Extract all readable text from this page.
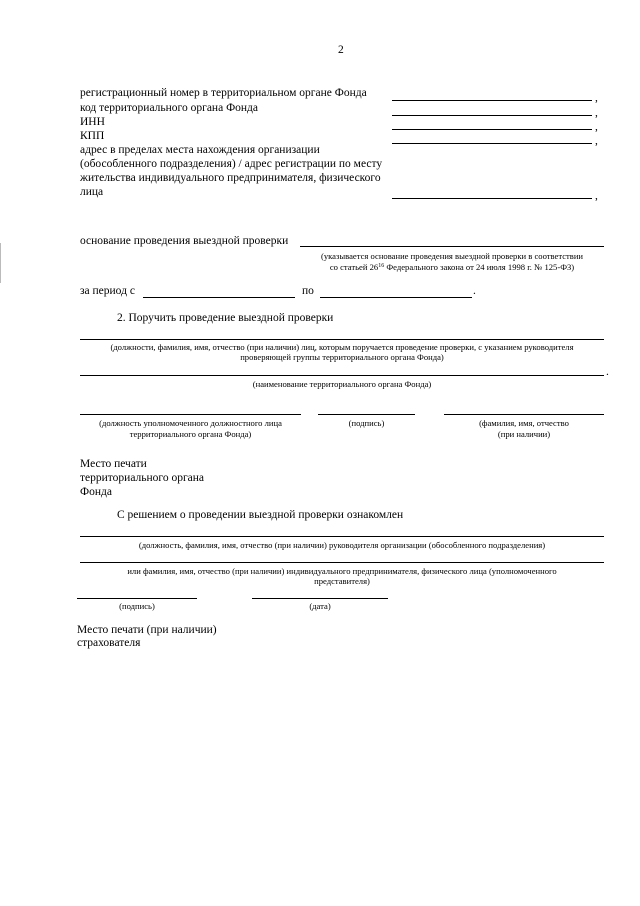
2
регистрационный номер в территориальном органе Фонда	,
код территориального органа Фонда	,
ИНН	,
КПП	,
адрес в пределах места нахождения организации
(обособленного подразделения) / адрес регистрации по месту
жительства индивидуального предпринимателя, физического
лица	,
основание проведения выездной проверки
(указывается основание проведения выездной проверки в соответствии
со статьей $26^{16}$ Федерального закона от 24 июля 1998 г. № 125-ФЗ)
за период с	по	.
2. Поручить проведение выездной проверки
(должности, фамилия, имя, отчество (при наличии) лиц, которым поручается проведение проверки, с указанием руководителя
проверяющей группы территориального органа Фонда)
.
(наименование территориального органа Фонда)
(должность уполномоченного должностного лица
территориального органа Фонда)
(подпись)	(фамилия, имя, отчество
(при наличии)
Место печати
территориального органа
Фонда
С решением о проведении выездной проверки ознакомлен
(должность, фамилия, имя, отчество (при наличии) руководителя организации (обособленного подразделения)
или фамилия, имя, отчество (при наличии) индивидуального предпринимателя, физического лица (уполномоченного
представителя)
(подпись)	(дата)
Место печати (при наличии)
страхователя
